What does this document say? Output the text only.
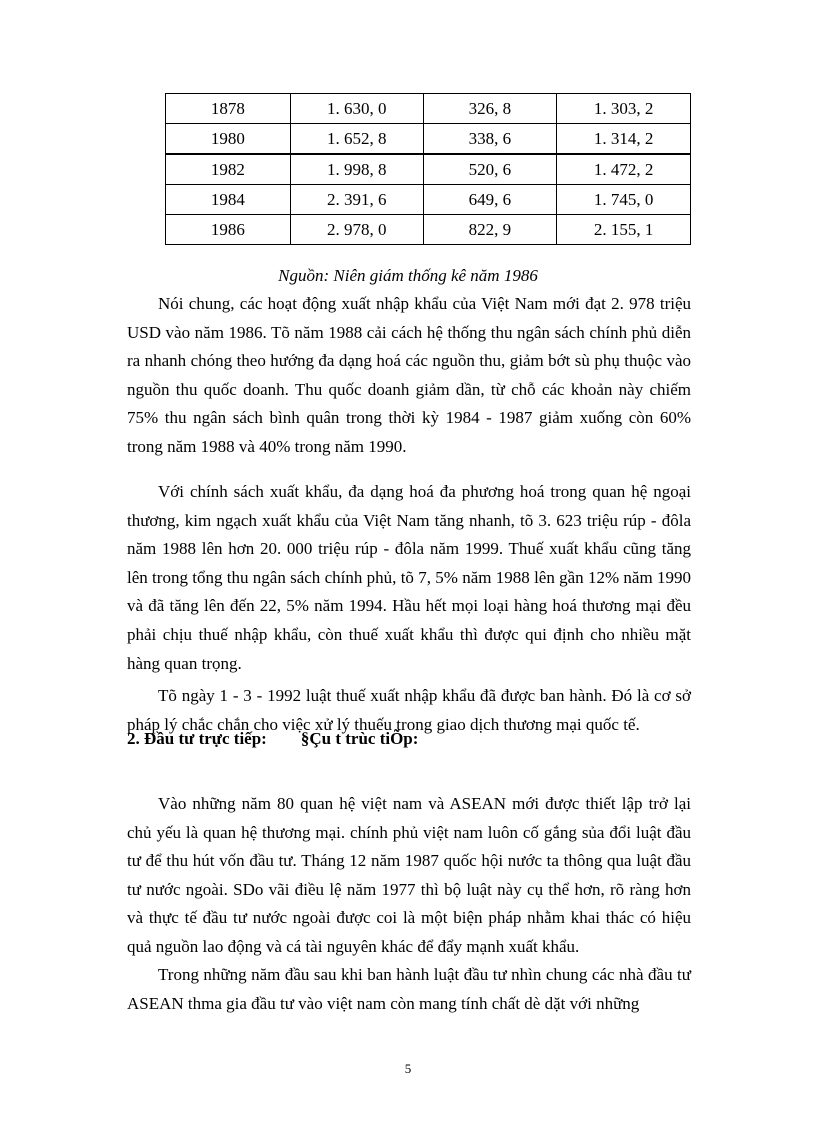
1878	1. 630, 0	326, 8	1. 303, 2
1980	1. 652, 8	338, 6	1. 314, 2
1982	1. 998, 8	520, 6	1. 472, 2
1984	2. 391, 6	649, 6	1. 745, 0
1986	2. 978, 0	822, 9	2. 155, 1
Nguồn: Niên giám thống kê năm 1986

Nói chung, các hoạt động xuất nhập khẩu của Việt Nam mới đạt 2. 978 triệu USD vào năm 1986. Tõ năm 1988 cải cách hệ thống thu ngân sách chính phủ diễn ra nhanh chóng theo hướng đa dạng hoá các nguồn thu, giảm bớt sù phụ thuộc vào nguồn thu quốc doanh. Thu quốc doanh giảm dần, từ chỗ các khoản này chiếm 75% thu ngân sách bình quân trong thời kỳ 1984 - 1987 giảm xuống còn 60% trong năm 1988 và 40% trong năm 1990.

Với chính sách xuất khẩu, đa dạng hoá đa phương hoá trong quan hệ ngoại thương, kim ngạch xuất khẩu của Việt Nam tăng nhanh, tõ 3. 623 triệu rúp - đôla năm 1988 lên hơn 20. 000 triệu rúp - đôla năm 1999. Thuế xuất khẩu cũng tăng lên trong tổng thu ngân sách chính phủ, tõ 7, 5% năm 1988 lên gần 12% năm 1990 và đã tăng lên đến 22, 5% năm 1994. Hầu hết mọi loại hàng hoá thương mại đều phải chịu thuế nhập khẩu, còn thuế xuất khẩu thì được qui định cho nhiều mặt hàng quan trọng.

Tõ ngày 1 - 3 - 1992 luật thuế xuất nhập khẩu đã được ban hành. Đó là cơ sở pháp lý chắc chắn cho việc xử lý thuếu trong giao dịch thương mại quốc tế.

2. Đầu tư trực tiếp: §Çu t trùc tiÕp:

Vào những năm 80 quan hệ việt nam và ASEAN mới được thiết lập trở lại chủ yếu là quan hệ thương mại. chính phủ việt nam luôn cố gắng sủa đổi luật đầu tư để thu hút vốn đầu tư. Tháng 12 năm 1987 quốc hội nước ta thông qua luật đầu tư nước ngoài. SDo vãi điều lệ năm 1977 thì bộ luật này cụ thể hơn, rõ ràng hơn và thực tế đầu tư nước ngoài được coi là một biện pháp nhằm khai thác có hiệu quả nguồn lao động và cá tài nguyên khác để đẩy mạnh xuất khẩu.

Trong những năm đầu sau khi ban hành luật đầu tư nhìn chung các nhà đầu tư ASEAN thma gia đầu tư vào việt nam còn mang tính chất dè dặt với những

5
